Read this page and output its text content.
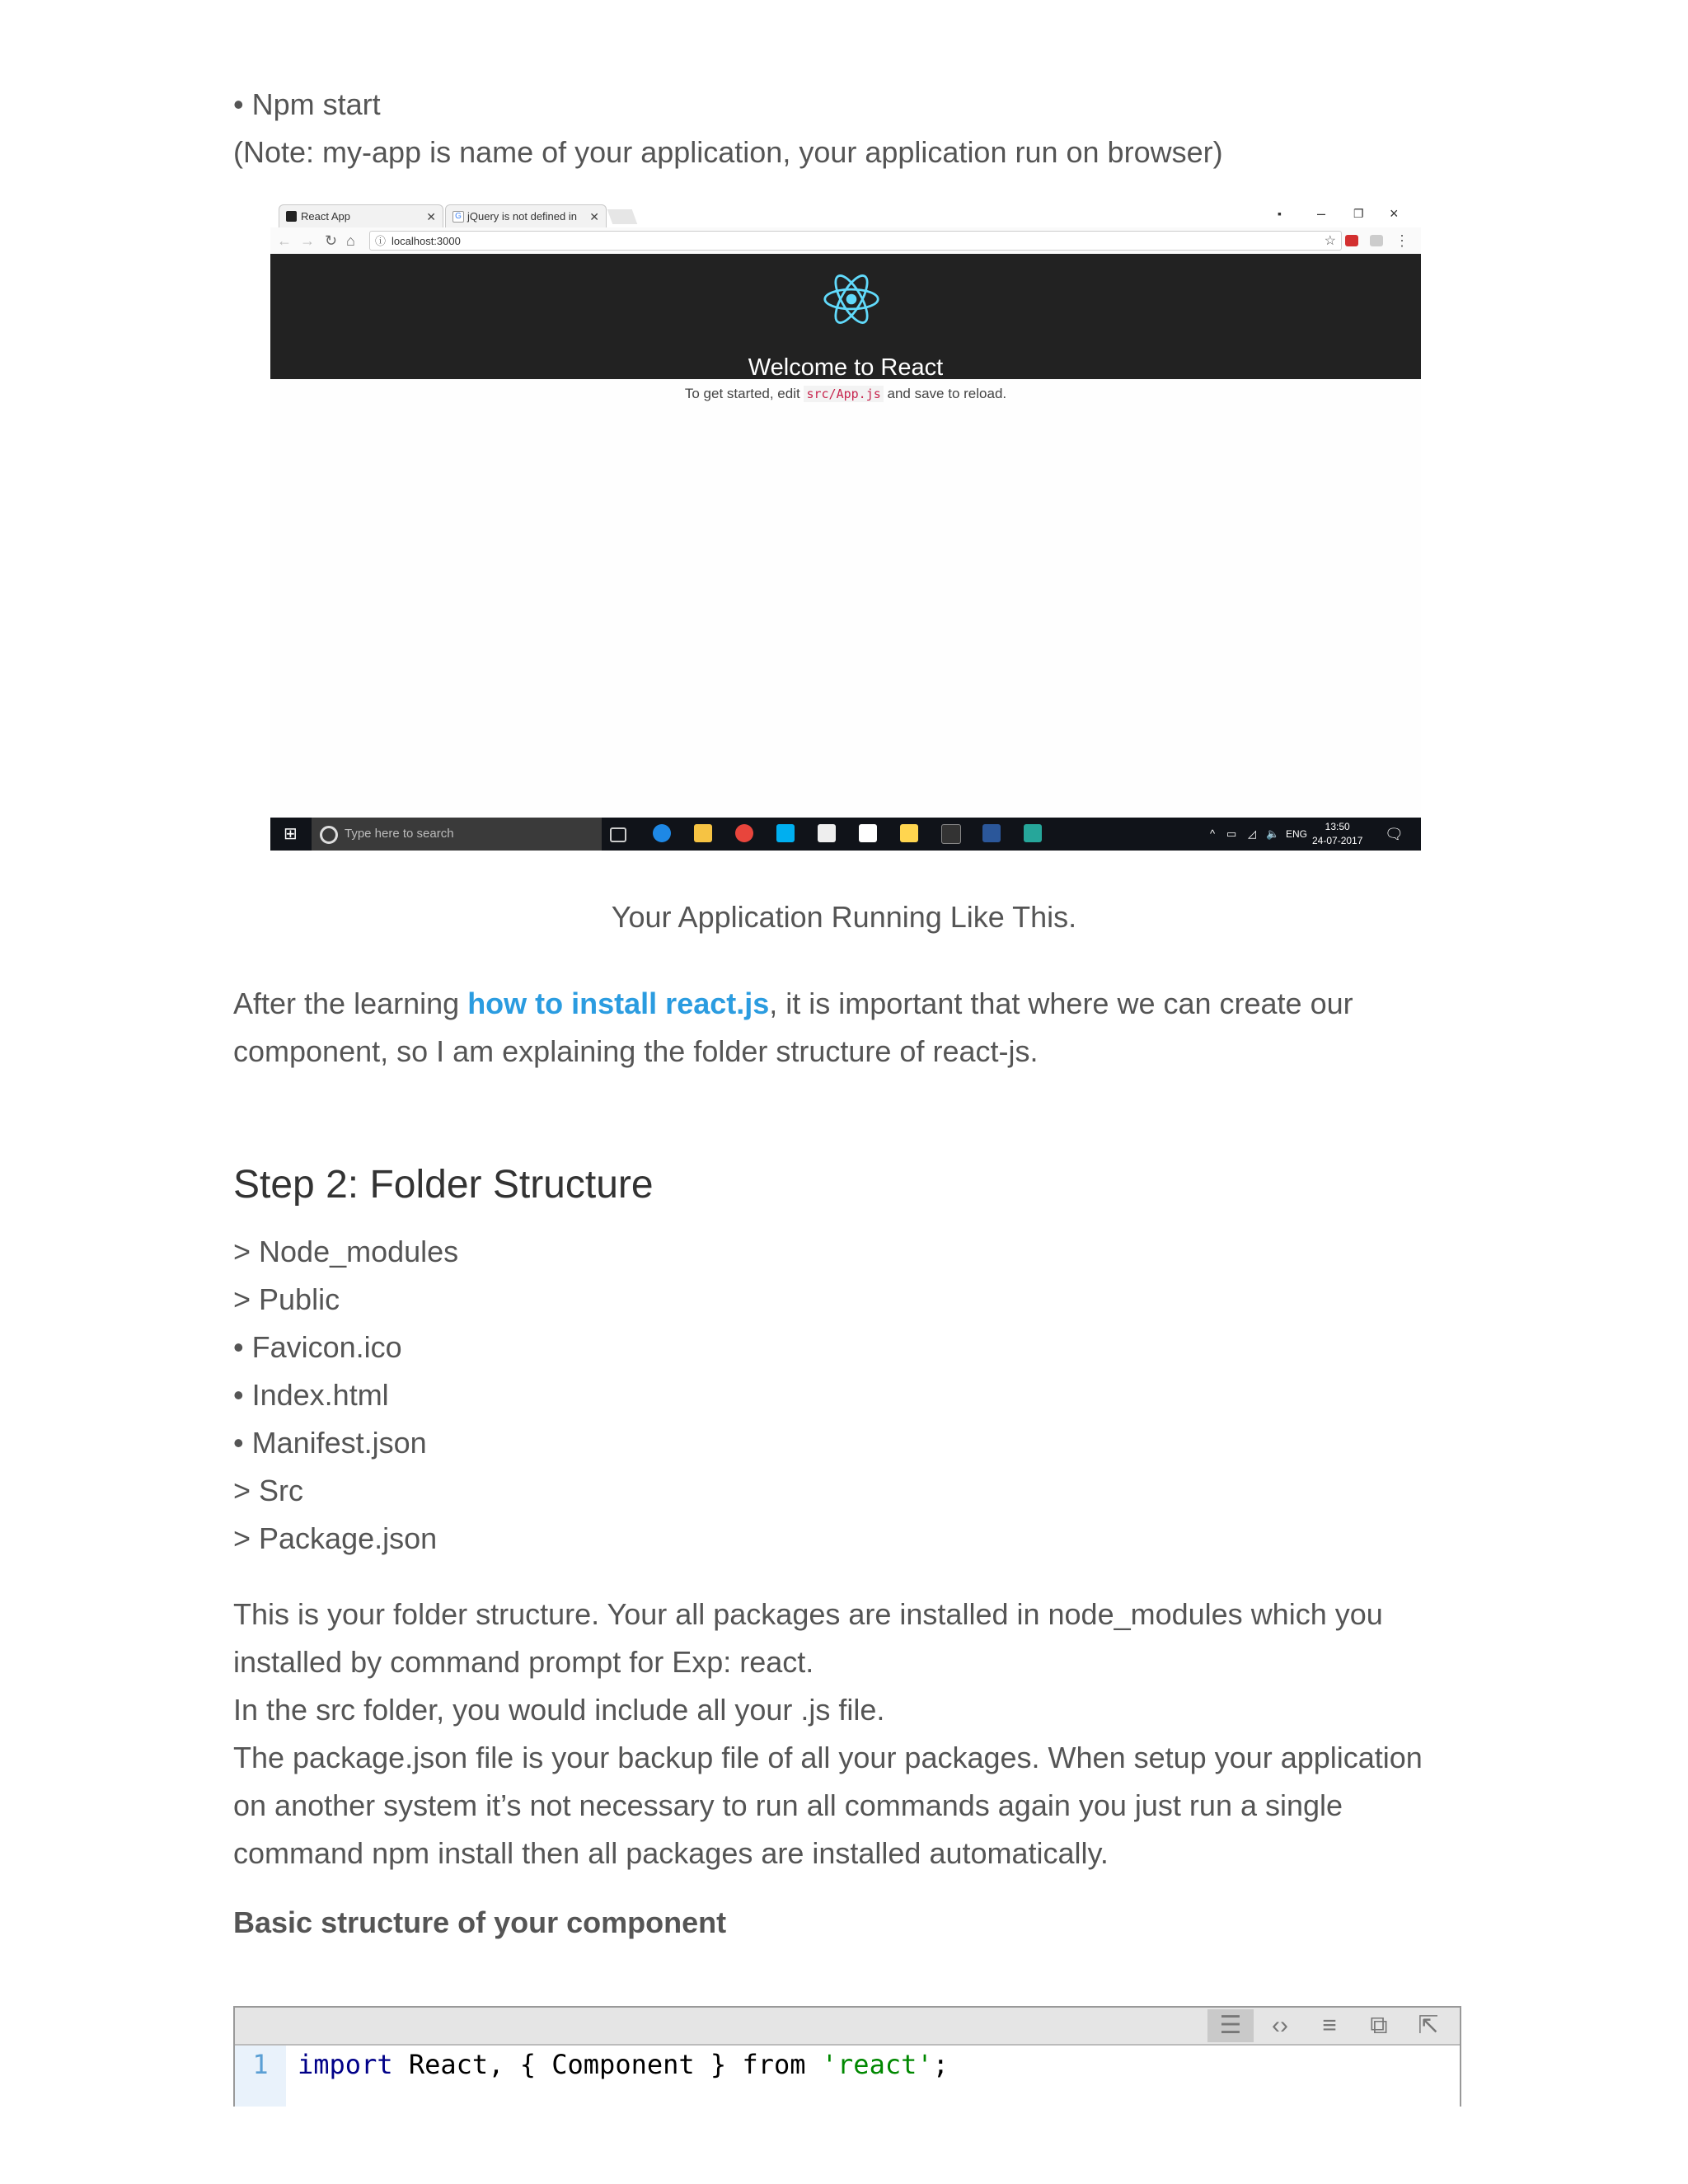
• Npm start
(Note: my-app is name of your application, your application run on browser)
React App	✕	G jQuery is not defined in ✕	▪ – ❐ ×
← → ↻ ⌂ ⓘ localhost:3000	☆	⋮
Welcome to React
To get started, edit src/App.js and save to reload.
⊞	Type here to search	^ ▭ ◿ 🔈 ENG
13:50
24-07-2017 🗨
Your Application Running Like This.

After the learning how to install react.js, it is important that where we can create our component, so I am explaining the folder structure of react-js.

Step 2: Folder Structure
> Node_modules
> Public
• Favicon.ico
• Index.html
• Manifest.json
> Src
> Package.json

This is your folder structure. Your all packages are installed in node_modules which you installed by command prompt for Exp: react.

In the src folder, you would include all your .js file.

The package.json file is your backup file of all your packages. When setup your application on another system it’s not necessary to run all commands again you just run a single command npm install then all packages are installed automatically.

Basic structure of your component
☰	‹›	≡	⧉	⇱
1	import React, { Component } from 'react';
